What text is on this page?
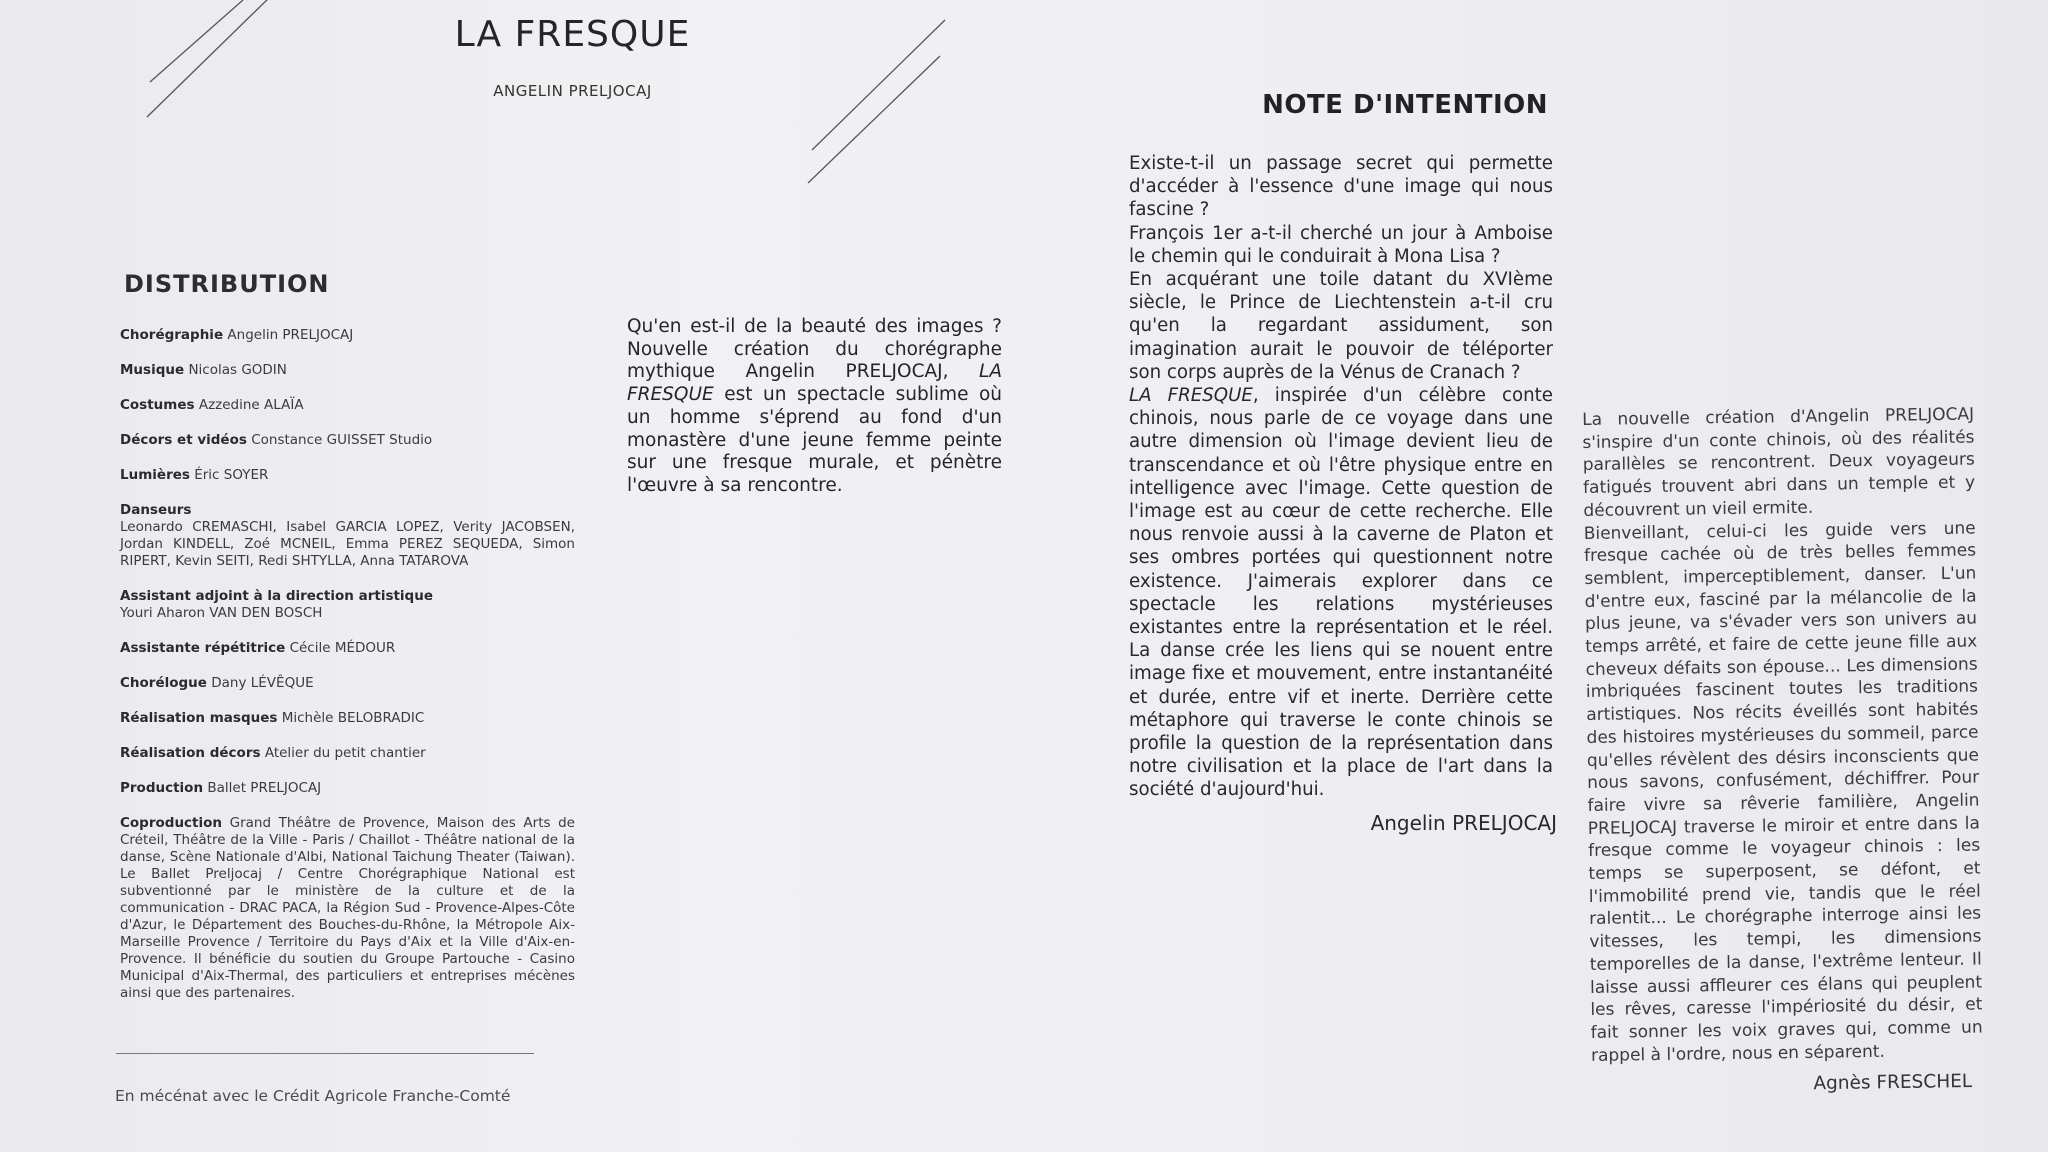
LA FRESQUE
ANGELIN PRELJOCAJ
DISTRIBUTION
Chorégraphie Angelin PRELJOCAJ
Musique Nicolas GODIN
Costumes Azzedine ALAÏA
Décors et vidéos Constance GUISSET Studio
Lumières Éric SOYER
Danseurs

Leonardo CREMASCHI, Isabel GARCIA LOPEZ, Verity JACOBSEN, Jordan KINDELL, Zoé MCNEIL, Emma PEREZ SEQUEDA, Simon RIPERT, Kevin SEITI, Redi SHTYLLA, Anna TATAROVA
Assistant adjoint à la direction artistique
Youri Aharon VAN DEN BOSCH
Assistante répétitrice Cécile MÉDOUR
Chorélogue Dany LÉVÊQUE
Réalisation masques Michèle BELOBRADIC
Réalisation décors Atelier du petit chantier
Production Ballet PRELJOCAJ
Coproduction Grand Théâtre de Provence, Maison des Arts de Créteil, Théâtre de la Ville - Paris / Chaillot - Théâtre national de la danse, Scène Nationale d'Albi, National Taichung Theater (Taiwan). Le Ballet Preljocaj / Centre Chorégraphique National est subventionné par le ministère de la culture et de la communication - DRAC PACA, la Région Sud - Provence-Alpes-Côte d'Azur, le Département des Bouches-du-Rhône, la Métropole Aix-Marseille Provence / Territoire du Pays d'Aix et la Ville d'Aix-en-Provence. Il bénéficie du soutien du Groupe Partouche - Casino Municipal d'Aix-Thermal, des particuliers et entreprises mécènes ainsi que des partenaires.
En mécénat avec le Crédit Agricole Franche-Comté
Qu'en est-il de la beauté des images ? Nouvelle création du chorégraphe mythique Angelin PRELJOCAJ, LA FRESQUE est un spectacle sublime où un homme s'éprend au fond d'un monastère d'une jeune femme peinte sur une fresque murale, et pénètre l'œuvre à sa rencontre.
NOTE D'INTENTION

Existe-t-il un passage secret qui permette d'accéder à l'essence d'une image qui nous fascine ?

François 1er a-t-il cherché un jour à Amboise le chemin qui le conduirait à Mona Lisa ?

En acquérant une toile datant du XVIème siècle, le Prince de Liechtenstein a-t-il cru qu'en la regardant assidument, son imagination aurait le pouvoir de téléporter son corps auprès de la Vénus de Cranach ?

LA FRESQUE, inspirée d'un célèbre conte chinois, nous parle de ce voyage dans une autre dimension où l'image devient lieu de transcendance et où l'être physique entre en intelligence avec l'image. Cette question de l'image est au cœur de cette recherche. Elle nous renvoie aussi à la caverne de Platon et ses ombres portées qui questionnent notre existence. J'aimerais explorer dans ce spectacle les relations mystérieuses existantes entre la représentation et le réel. La danse crée les liens qui se nouent entre image fixe et mouvement, entre instantanéité et durée, entre vif et inerte. Derrière cette métaphore qui traverse le conte chinois se profile la question de la représentation dans notre civilisation et la place de l'art dans la société d'aujourd'hui.

Angelin PRELJOCAJ

La nouvelle création d'Angelin PRELJOCAJ s'inspire d'un conte chinois, où des réalités parallèles se rencontrent. Deux voyageurs fatigués trouvent abri dans un temple et y découvrent un vieil ermite.

Bienveillant, celui-ci les guide vers une fresque cachée où de très belles femmes semblent, imperceptiblement, danser. L'un d'entre eux, fasciné par la mélancolie de la plus jeune, va s'évader vers son univers au temps arrêté, et faire de cette jeune fille aux cheveux défaits son épouse... Les dimensions imbriquées fascinent toutes les traditions artistiques. Nos récits éveillés sont habités des histoires mystérieuses du sommeil, parce qu'elles révèlent des désirs inconscients que nous savons, confusément, déchiffrer. Pour faire vivre sa rêverie familière, Angelin PRELJOCAJ traverse le miroir et entre dans la fresque comme le voyageur chinois : les temps se superposent, se défont, et l'immobilité prend vie, tandis que le réel ralentit... Le chorégraphe interroge ainsi les vitesses, les tempi, les dimensions temporelles de la danse, l'extrême lenteur. Il laisse aussi affleurer ces élans qui peuplent les rêves, caresse l'impériosité du désir, et fait sonner les voix graves qui, comme un rappel à l'ordre, nous en séparent.

Agnès FRESCHEL
